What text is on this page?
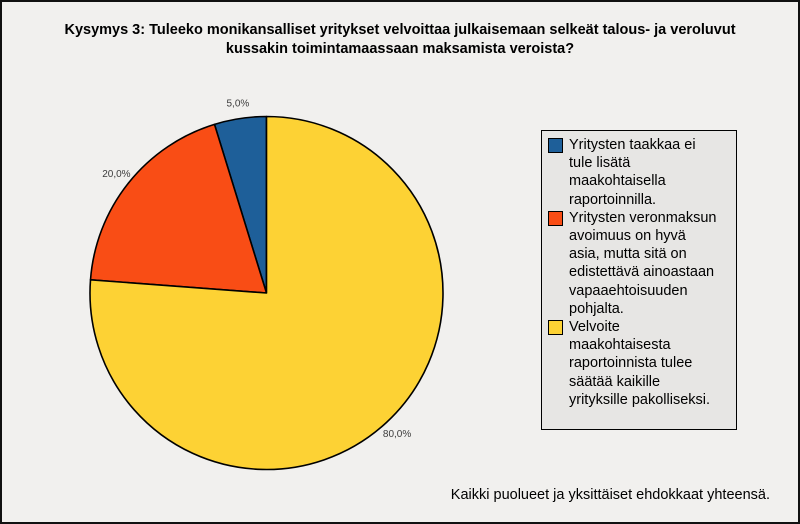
Kysymys 3: Tuleeko monikansalliset yritykset velvoittaa julkaisemaan selkeät talous- ja veroluvut
kussakin toimintamaassaan maksamista veroista?
5,0%
20,0%
80,0%
Yritysten taakkaa ei tule lisätä maakohtaisella raportoinnilla.
Yritysten veronmaksun avoimuus on hyvä asia, mutta sitä on edistettävä ainoastaan vapaaehtoisuuden pohjalta.
Velvoite maakohtaisesta raportoinnista tulee säätää kaikille yrityksille pakolliseksi.
Kaikki puolueet ja yksittäiset ehdokkaat yhteensä.
